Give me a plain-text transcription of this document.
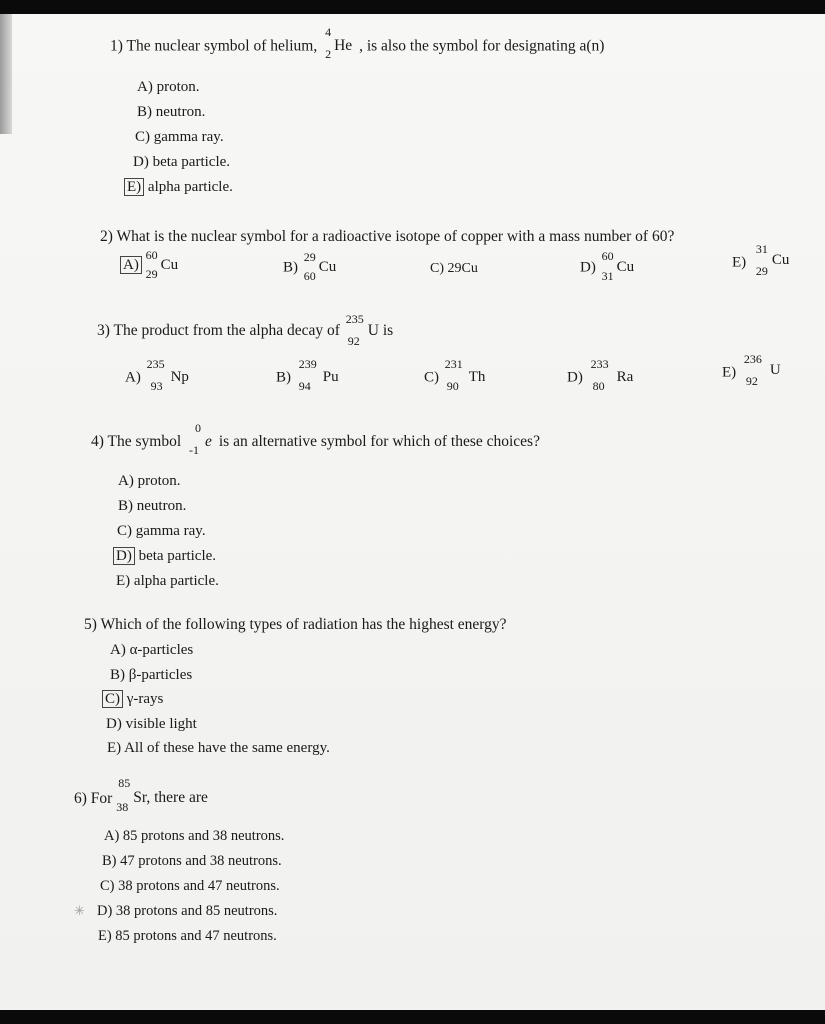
1) The nuclear symbol of helium,
4
2 He , is also the symbol for designating a(n)
A) proton.
B) neutron.
C) gamma ray.
D) beta particle.
E) alpha particle.
2) What is the nuclear symbol for a radioactive isotope of copper with a mass number of 60?
A)
60
29
Cu	B)
29
60
Cu	C) 29Cu	D)
60
31
Cu	E)
31
29
Cu
3) The product from the alpha decay of
235
92
U is
A)
235
93
Np	B)
239
94
Pu	C)
231
90
Th	D)
233
80
Ra	E)
236
92
U
4) The symbol
0
-1 e is an alternative symbol for which of these choices?
A) proton.
B) neutron.
C) gamma ray.
D) beta particle.
E) alpha particle.
5) Which of the following types of radiation has the highest energy?
A) α-particles
B) β-particles
C) γ-rays
D) visible light
E) All of these have the same energy.
6) For
85
38
Sr, there are
A) 85 protons and 38 neutrons.
B) 47 protons and 38 neutrons.
C) 38 protons and 47 neutrons.
D) 38 protons and 85 neutrons.
E) 85 protons and 47 neutrons.
✳
